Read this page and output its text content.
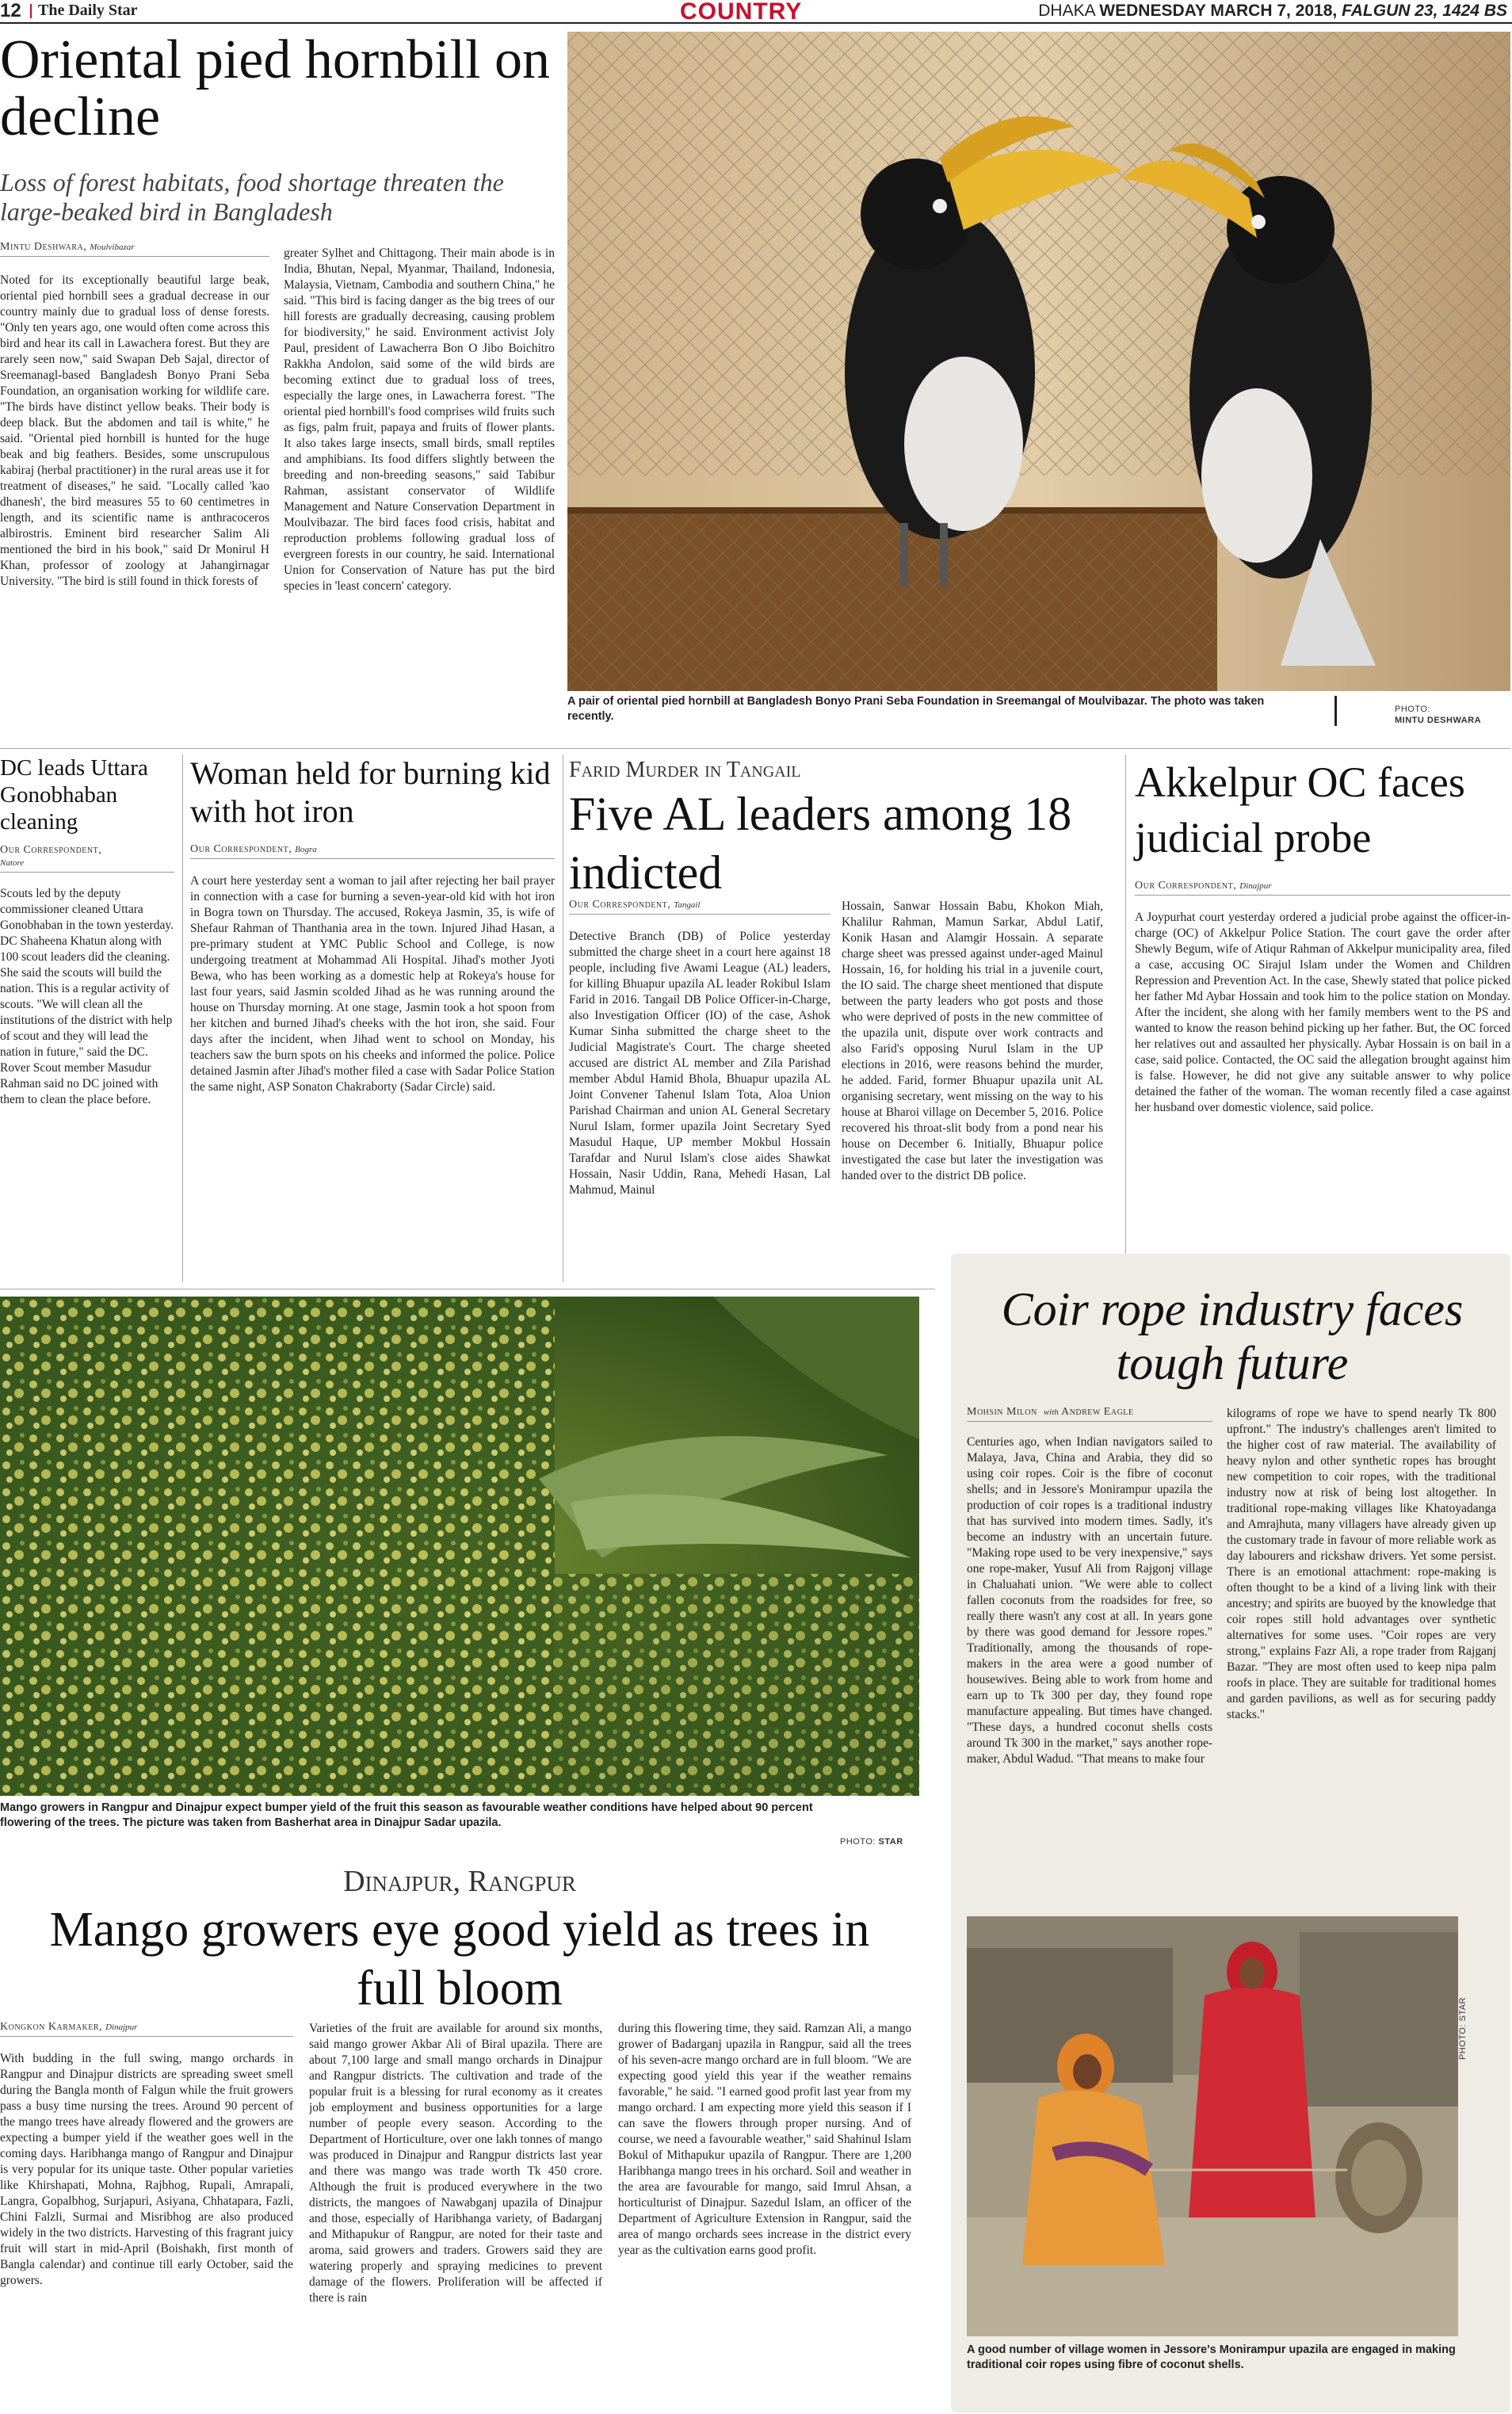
12 The Daily Star	COUNTRY	DHAKA WEDNESDAY MARCH 7, 2018, FALGUN 23, 1424 BS
Oriental pied hornbill on decline
Loss of forest habitats, food shortage threaten the large-beaked bird in Bangladesh
Mintu Deshwara, Moulvibazar

Noted for its exceptionally beautiful large beak, oriental pied hornbill sees a gradual decrease in our country mainly due to gradual loss of dense forests. "Only ten years ago, one would often come across this bird and hear its call in Lawachera forest. But they are rarely seen now," said Swapan Deb Sajal, director of Sreemanagl-based Bangladesh Bonyo Prani Seba Foundation, an organisation working for wildlife care. "The birds have distinct yellow beaks. Their body is deep black. But the abdomen and tail is white," he said. "Oriental pied hornbill is hunted for the huge beak and big feathers. Besides, some unscrupulous kabiraj (herbal practitioner) in the rural areas use it for treatment of diseases," he said. "Locally called 'kao dhanesh', the bird measures 55 to 60 centimetres in length, and its scientific name is anthracoceros albirostris. Eminent bird researcher Salim Ali mentioned the bird in his book," said Dr Monirul H Khan, professor of zoology at Jahangirnagar University. "The bird is still found in thick forests of

greater Sylhet and Chittagong. Their main abode is in India, Bhutan, Nepal, Myanmar, Thailand, Indonesia, Malaysia, Vietnam, Cambodia and southern China," he said. "This bird is facing danger as the big trees of our hill forests are gradually decreasing, causing problem for biodiversity," he said. Environment activist Joly Paul, president of Lawacherra Bon O Jibo Boichitro Rakkha Andolon, said some of the wild birds are becoming extinct due to gradual loss of trees, especially the large ones, in Lawacherra forest. "The oriental pied hornbill's food comprises wild fruits such as figs, palm fruit, papaya and fruits of flower plants. It also takes large insects, small birds, small reptiles and amphibians. Its food differs slightly between the breeding and non-breeding seasons," said Tabibur Rahman, assistant conservator of Wildlife Management and Nature Conservation Department in Moulvibazar. The bird faces food crisis, habitat and reproduction problems following gradual loss of evergreen forests in our country, he said. International Union for Conservation of Nature has put the bird species in 'least concern' category.

A pair of oriental pied hornbill at Bangladesh Bonyo Prani Seba Foundation in Sreemangal of Moulvibazar. The photo was taken recently.
PHOTO:
MINTU DESHWARA
DC leads Uttara Gonobhaban cleaning
Our Correspondent,
Natore

Scouts led by the deputy commissioner cleaned Uttara Gonobhaban in the town yesterday. DC Shaheena Khatun along with 100 scout leaders did the cleaning. She said the scouts will build the nation. This is a regular activity of scouts. "We will clean all the institutions of the district with help of scout and they will lead the nation in future," said the DC. Rover Scout member Masudur Rahman said no DC joined with them to clean the place before.

Woman held for burning kid with hot iron
Our Correspondent, Bogra

A court here yesterday sent a woman to jail after rejecting her bail prayer in connection with a case for burning a seven-year-old kid with hot iron in Bogra town on Thursday. The accused, Rokeya Jasmin, 35, is wife of Shefaur Rahman of Thanthania area in the town. Injured Jihad Hasan, a pre-primary student at YMC Public School and College, is now undergoing treatment at Mohammad Ali Hospital. Jihad's mother Jyoti Bewa, who has been working as a domestic help at Rokeya's house for last four years, said Jasmin scolded Jihad as he was running around the house on Thursday morning. At one stage, Jasmin took a hot spoon from her kitchen and burned Jihad's cheeks with the hot iron, she said. Four days after the incident, when Jihad went to school on Monday, his teachers saw the burn spots on his cheeks and informed the police. Police detained Jasmin after Jihad's mother filed a case with Sadar Police Station the same night, ASP Sonaton Chakraborty (Sadar Circle) said.

Farid Murder in Tangail
Five AL leaders among 18 indicted
Our Correspondent, Tangail

Detective Branch (DB) of Police yesterday submitted the charge sheet in a court here against 18 people, including five Awami League (AL) leaders, for killing Bhuapur upazila AL leader Rokibul Islam Farid in 2016. Tangail DB Police Officer-in-Charge, also Investigation Officer (IO) of the case, Ashok Kumar Sinha submitted the charge sheet to the Judicial Magistrate's Court. The charge sheeted accused are district AL member and Zila Parishad member Abdul Hamid Bhola, Bhuapur upazila AL Joint Convener Tahenul Islam Tota, Aloa Union Parishad Chairman and union AL General Secretary Nurul Islam, former upazila Joint Secretary Syed Masudul Haque, UP member Mokbul Hossain Tarafdar and Nurul Islam's close aides Shawkat Hossain, Nasir Uddin, Rana, Mehedi Hasan, Lal Mahmud, Mainul

Hossain, Sanwar Hossain Babu, Khokon Miah, Khalilur Rahman, Mamun Sarkar, Abdul Latif, Konik Hasan and Alamgir Hossain. A separate charge sheet was pressed against under-aged Mainul Hossain, 16, for holding his trial in a juvenile court, the IO said. The charge sheet mentioned that dispute between the party leaders who got posts and those who were deprived of posts in the new committee of the upazila unit, dispute over work contracts and also Farid's opposing Nurul Islam in the UP elections in 2016, were reasons behind the murder, he added. Farid, former Bhuapur upazila unit AL organising secretary, went missing on the way to his house at Bharoi village on December 5, 2016. Police recovered his throat-slit body from a pond near his house on December 6. Initially, Bhuapur police investigated the case but later the investigation was handed over to the district DB police.

Akkelpur OC faces judicial probe
Our Correspondent, Dinajpur

A Joypurhat court yesterday ordered a judicial probe against the officer-in-charge (OC) of Akkelpur Police Station. The court gave the order after Shewly Begum, wife of Atiqur Rahman of Akkelpur municipality area, filed a case, accusing OC Sirajul Islam under the Women and Children Repression and Prevention Act. In the case, Shewly stated that police picked her father Md Aybar Hossain and took him to the police station on Monday. After the incident, she along with her family members went to the PS and wanted to know the reason behind picking up her father. But, the OC forced her relatives out and assaulted her physically. Aybar Hossain is on bail in a case, said police. Contacted, the OC said the allegation brought against him is false. However, he did not give any suitable answer to why police detained the father of the woman. The woman recently filed a case against her husband over domestic violence, said police.

Mango growers in Rangpur and Dinajpur expect bumper yield of the fruit this season as favourable weather conditions have helped about 90 percent flowering of the trees. The picture was taken from Basherhat area in Dinajpur Sadar upazila.
PHOTO: STAR
Dinajpur, Rangpur
Mango growers eye good yield as trees in full bloom
Kongkon Karmaker, Dinajpur

With budding in the full swing, mango orchards in Rangpur and Dinajpur districts are spreading sweet smell during the Bangla month of Falgun while the fruit growers pass a busy time nursing the trees. Around 90 percent of the mango trees have already flowered and the growers are expecting a bumper yield if the weather goes well in the coming days. Haribhanga mango of Rangpur and Dinajpur is very popular for its unique taste. Other popular varieties like Khirshapati, Mohna, Rajbhog, Rupali, Amrapali, Langra, Gopalbhog, Surjapuri, Asiyana, Chhatapara, Fazli, Chini Falzli, Surmai and Misribhog are also produced widely in the two districts. Harvesting of this fragrant juicy fruit will start in mid-April (Boishakh, first month of Bangla calendar) and continue till early October, said the growers.

Varieties of the fruit are available for around six months, said mango grower Akbar Ali of Biral upazila. There are about 7,100 large and small mango orchards in Dinajpur and Rangpur districts. The cultivation and trade of the popular fruit is a blessing for rural economy as it creates job employment and business opportunities for a large number of people every season. According to the Department of Horticulture, over one lakh tonnes of mango was produced in Dinajpur and Rangpur districts last year and there was mango was trade worth Tk 450 crore. Although the fruit is produced everywhere in the two districts, the mangoes of Nawabganj upazila of Dinajpur and those, especially of Haribhanga variety, of Badarganj and Mithapukur of Rangpur, are noted for their taste and aroma, said growers and traders. Growers said they are watering properly and spraying medicines to prevent damage of the flowers. Proliferation will be affected if there is rain

during this flowering time, they said. Ramzan Ali, a mango grower of Badarganj upazila in Rangpur, said all the trees of his seven-acre mango orchard are in full bloom. "We are expecting good yield this year if the weather remains favorable," he said. "I earned good profit last year from my mango orchard. I am expecting more yield this season if I can save the flowers through proper nursing. And of course, we need a favourable weather," said Shahinul Islam Bokul of Mithapukur upazila of Rangpur. There are 1,200 Haribhanga mango trees in his orchard. Soil and weather in the area are favourable for mango, said Imrul Ahsan, a horticulturist of Dinajpur. Sazedul Islam, an officer of the Department of Agriculture Extension in Rangpur, said the area of mango orchards sees increase in the district every year as the cultivation earns good profit.

Coir rope industry faces tough future
Mohsin Milon with Andrew Eagle

Centuries ago, when Indian navigators sailed to Malaya, Java, China and Arabia, they did so using coir ropes. Coir is the fibre of coconut shells; and in Jessore's Monirampur upazila the production of coir ropes is a traditional industry that has survived into modern times. Sadly, it's become an industry with an uncertain future. "Making rope used to be very inexpensive," says one rope-maker, Yusuf Ali from Rajgonj village in Chaluahati union. "We were able to collect fallen coconuts from the roadsides for free, so really there wasn't any cost at all. In years gone by there was good demand for Jessore ropes." Traditionally, among the thousands of rope-makers in the area were a good number of housewives. Being able to work from home and earn up to Tk 300 per day, they found rope manufacture appealing. But times have changed. "These days, a hundred coconut shells costs around Tk 300 in the market," says another rope-maker, Abdul Wadud. "That means to make four

kilograms of rope we have to spend nearly Tk 800 upfront." The industry's challenges aren't limited to the higher cost of raw material. The availability of heavy nylon and other synthetic ropes has brought new competition to coir ropes, with the traditional industry now at risk of being lost altogether. In traditional rope-making villages like Khatoyadanga and Amrajhuta, many villagers have already given up the customary trade in favour of more reliable work as day labourers and rickshaw drivers. Yet some persist. There is an emotional attachment: rope-making is often thought to be a kind of a living link with their ancestry; and spirits are buoyed by the knowledge that coir ropes still hold advantages over synthetic alternatives for some uses. "Coir ropes are very strong," explains Fazr Ali, a rope trader from Rajganj Bazar. "They are most often used to keep nipa palm roofs in place. They are suitable for traditional homes and garden pavilions, as well as for securing paddy stacks."

PHOTO: STAR
A good number of village women in Jessore's Monirampur upazila are engaged in making traditional coir ropes using fibre of coconut shells.
